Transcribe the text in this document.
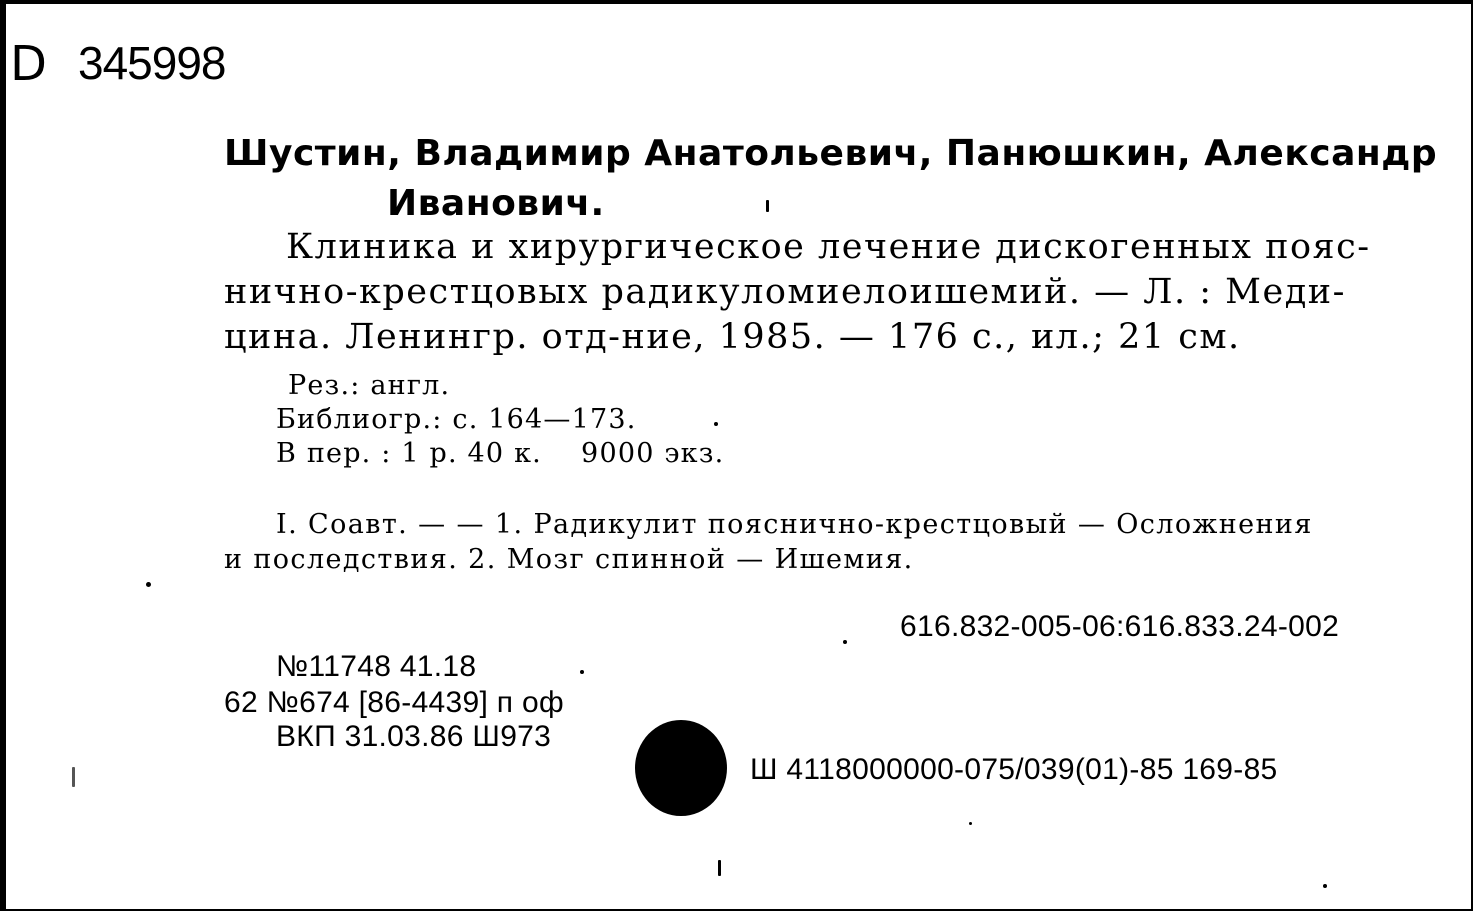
D 345998
Шустин, Владимир Анатольевич, Панюшкин, Александр
Иванович.
Клиника и хирургическое лечение дискогенных пояс-
нично-крестцовых радикуломиелоишемий. — Л. : Меди-
цина. Ленингр. отд-ние, 1985. — 176 с., ил.; 21 см.
Рез.: англ.
Библиогр.: с. 164—173.
В пер. : 1 р. 40 к.    9000 экз.
I. Соавт. — — 1. Радикулит пояснично-крестцовый — Осложнения
и последствия. 2. Мозг спинной — Ишемия.
616.832-005-06:616.833.24-002
№11748 41.18
62 №674 [86-4439] п оф
ВКП 31.03.86 Ш973
Ш 4118000000-075/039(01)-85 169-85
